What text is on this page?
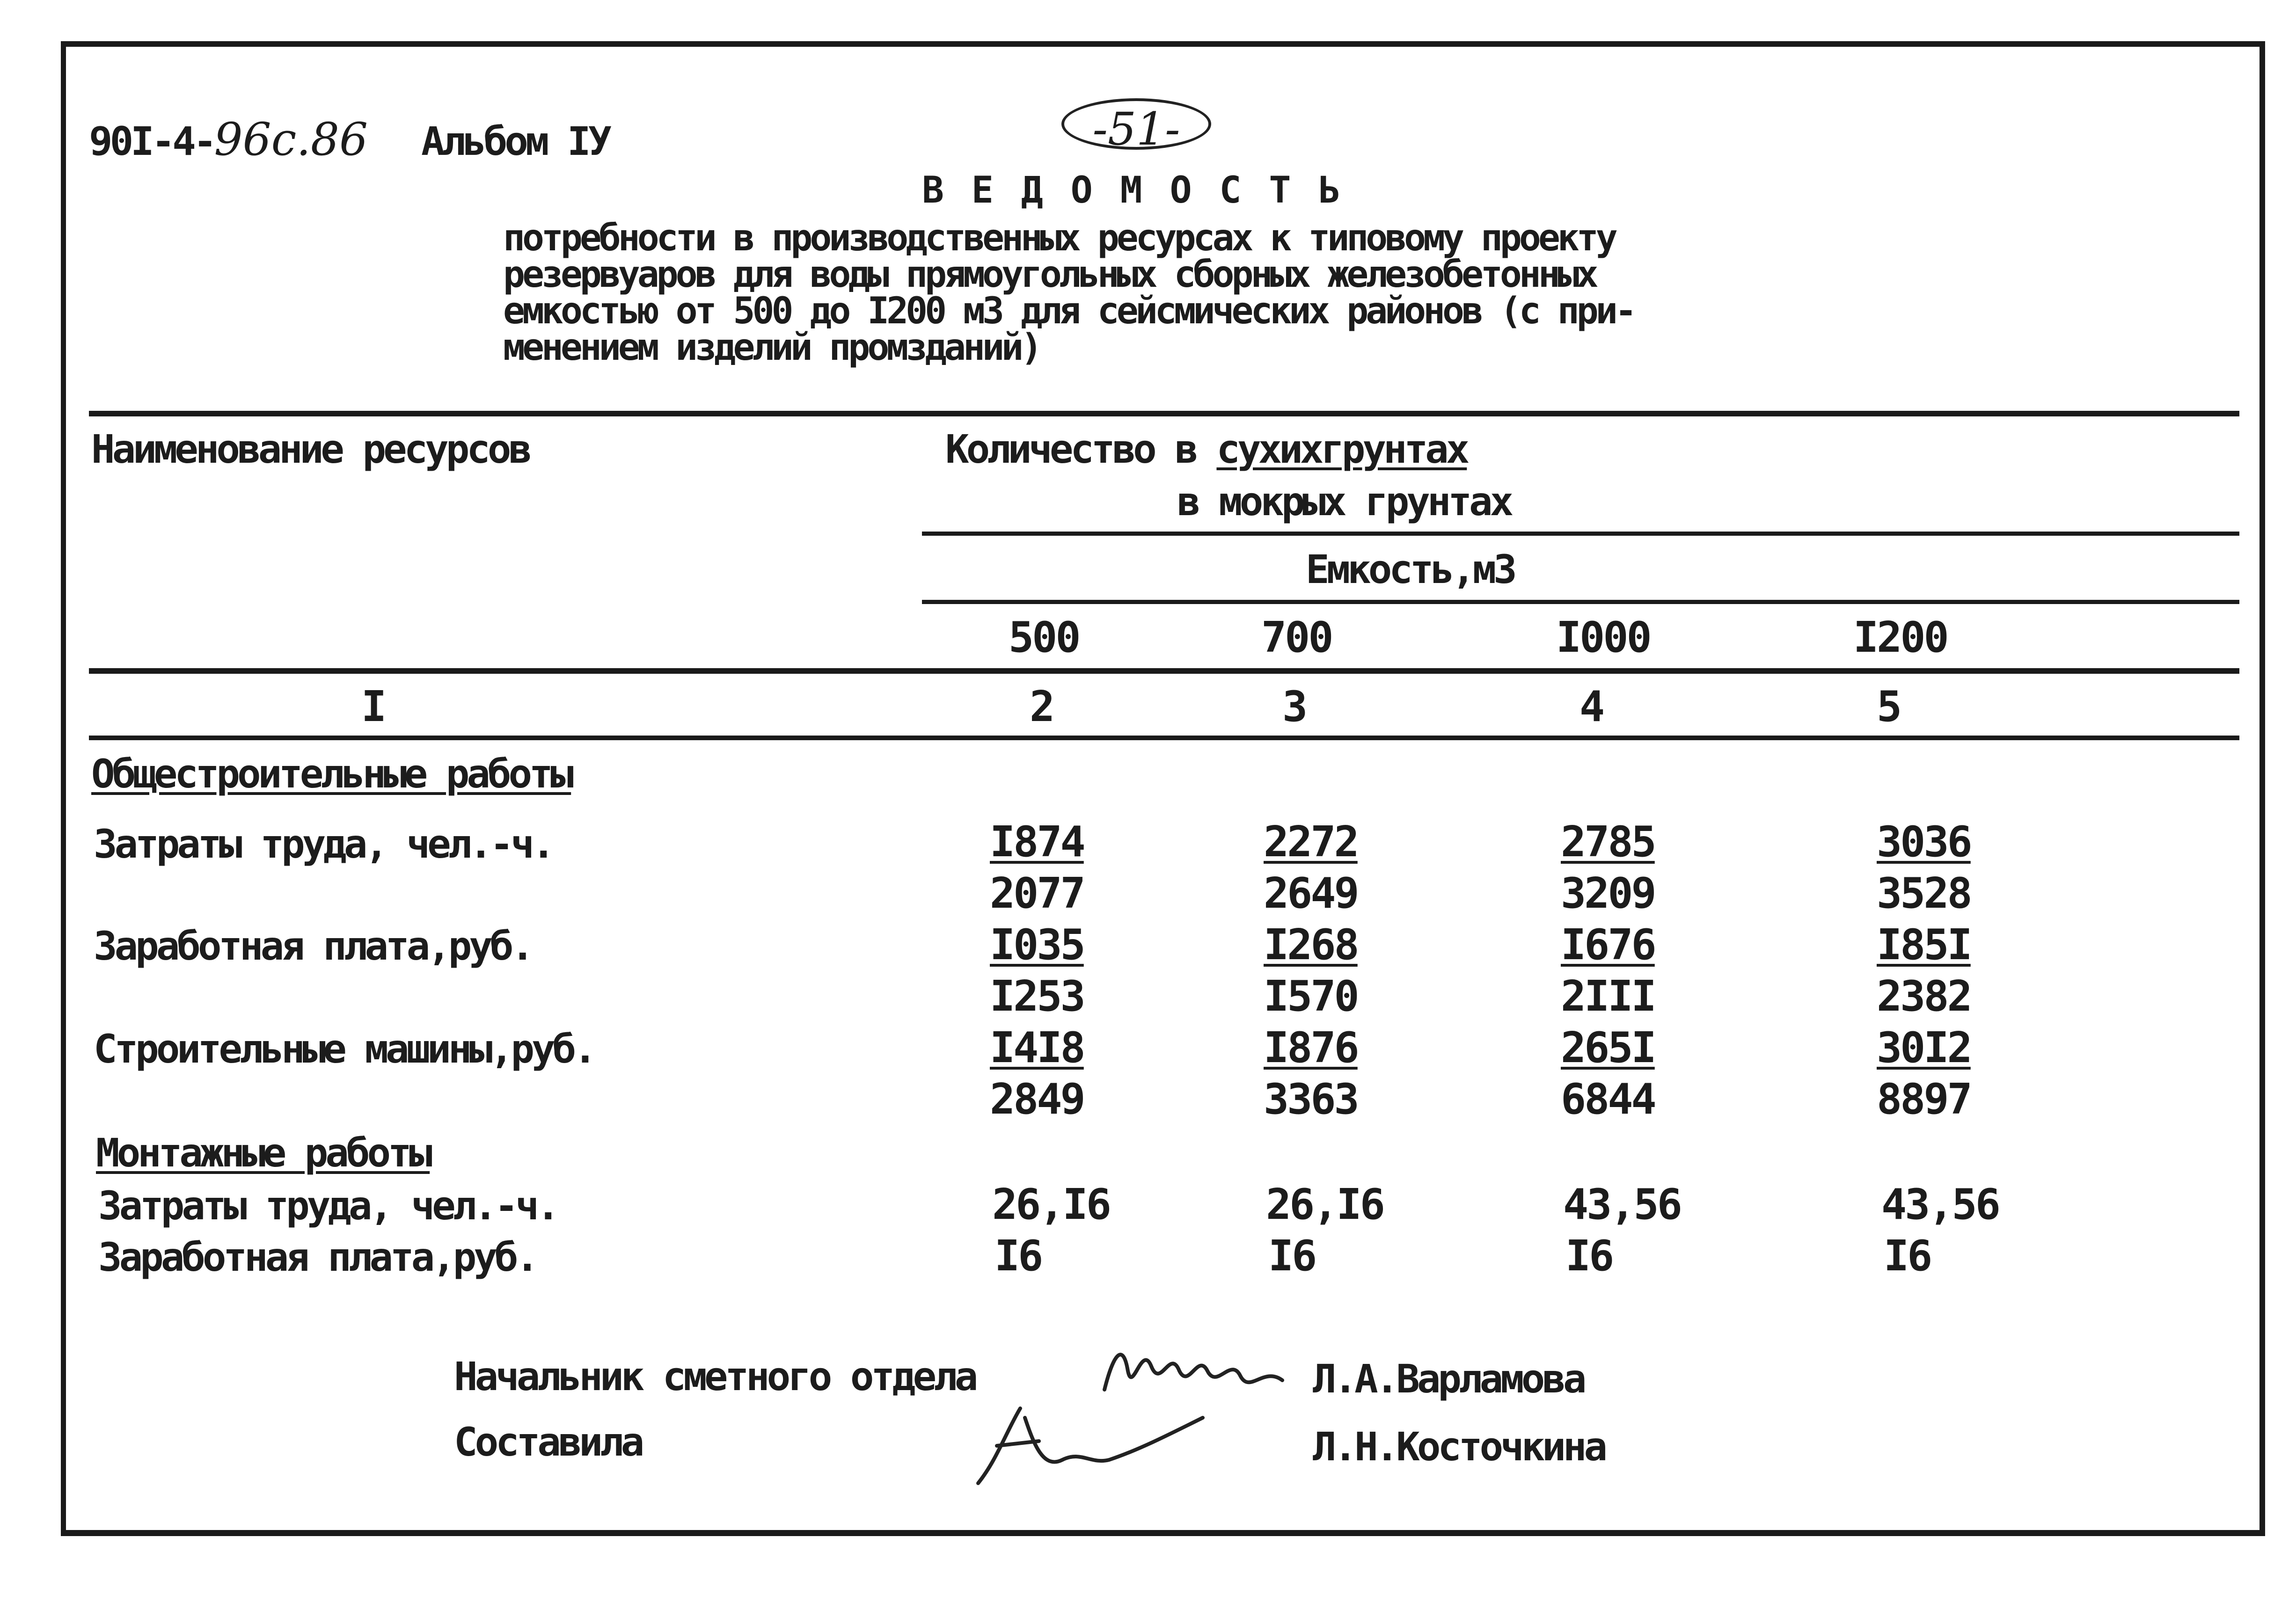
90I-4-96с.86 Альбом IУ	-51-
В Е Д О М О С Т Ь
потребности в производственных ресурсах к типовому проекту
резервуаров для воды прямоугольных сборных железобетонных
емкостью от 500 до I200 м3 для сейсмических районов (с при-
менением изделий промзданий)
Наименование ресурсов	Количество в сухихгрунтах
в мокрых грунтах
Емкость,м3
500	700	I000	I200
I	2	3	4	5
Общестроительные работы
Затраты труда, чел.-ч.	I874	2272	2785	3036
2077	2649	3209	3528
Заработная плата,руб.	I035	I268	I676	I85I
I253	I570	2III	2382
Строительные машины,руб.	I4I8	I876	265I	30I2
2849	3363	6844	8897
Монтажные работы
Затраты труда, чел.-ч.	26,I6	26,I6	43,56	43,56
Заработная плата,руб.	I6	I6	I6	I6
Начальник сметного отдела	Л.А.Варламова
Составила	Л.Н.Косточкина
